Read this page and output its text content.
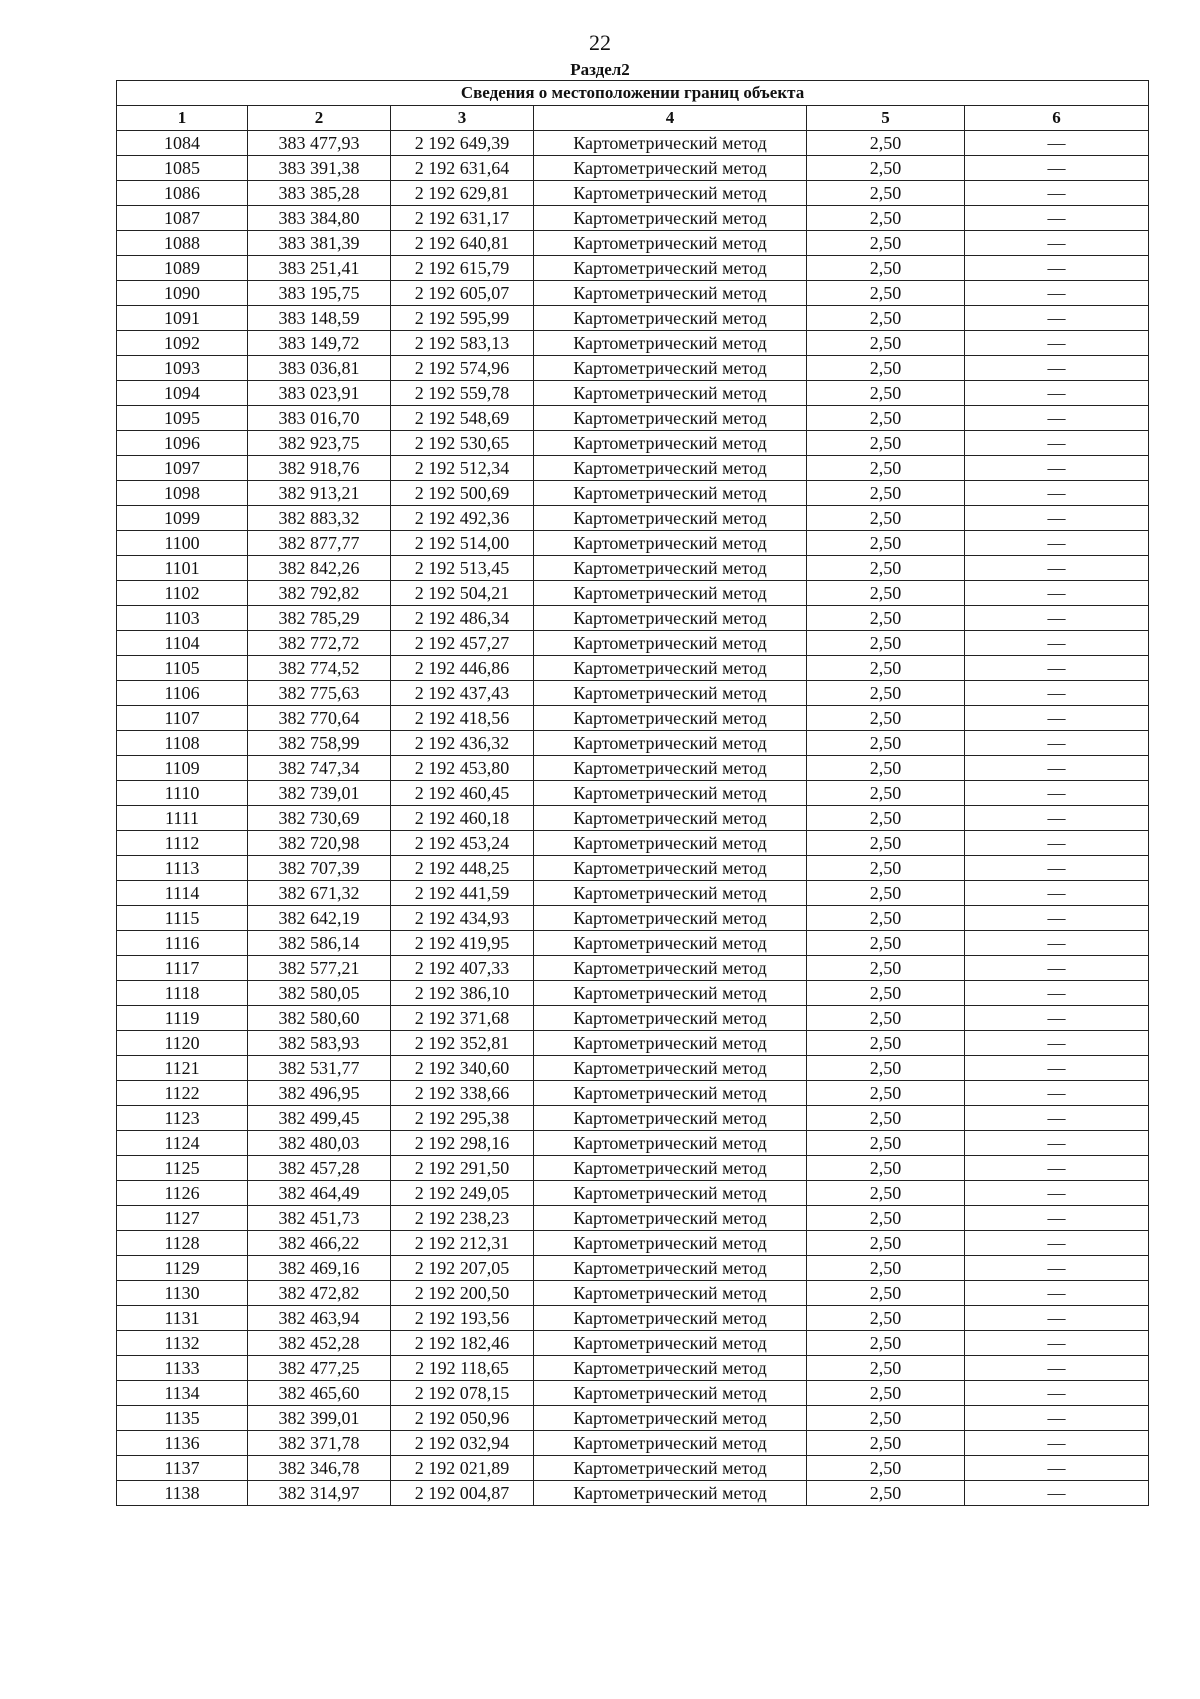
22
Раздел2
Сведения о местоположении границ объекта					
1	2	3	4	5	6
1084	383 477,93	2 192 649,39	Картометрический метод	2,50	—
1085	383 391,38	2 192 631,64	Картометрический метод	2,50	—
1086	383 385,28	2 192 629,81	Картометрический метод	2,50	—
1087	383 384,80	2 192 631,17	Картометрический метод	2,50	—
1088	383 381,39	2 192 640,81	Картометрический метод	2,50	—
1089	383 251,41	2 192 615,79	Картометрический метод	2,50	—
1090	383 195,75	2 192 605,07	Картометрический метод	2,50	—
1091	383 148,59	2 192 595,99	Картометрический метод	2,50	—
1092	383 149,72	2 192 583,13	Картометрический метод	2,50	—
1093	383 036,81	2 192 574,96	Картометрический метод	2,50	—
1094	383 023,91	2 192 559,78	Картометрический метод	2,50	—
1095	383 016,70	2 192 548,69	Картометрический метод	2,50	—
1096	382 923,75	2 192 530,65	Картометрический метод	2,50	—
1097	382 918,76	2 192 512,34	Картометрический метод	2,50	—
1098	382 913,21	2 192 500,69	Картометрический метод	2,50	—
1099	382 883,32	2 192 492,36	Картометрический метод	2,50	—
1100	382 877,77	2 192 514,00	Картометрический метод	2,50	—
1101	382 842,26	2 192 513,45	Картометрический метод	2,50	—
1102	382 792,82	2 192 504,21	Картометрический метод	2,50	—
1103	382 785,29	2 192 486,34	Картометрический метод	2,50	—
1104	382 772,72	2 192 457,27	Картометрический метод	2,50	—
1105	382 774,52	2 192 446,86	Картометрический метод	2,50	—
1106	382 775,63	2 192 437,43	Картометрический метод	2,50	—
1107	382 770,64	2 192 418,56	Картометрический метод	2,50	—
1108	382 758,99	2 192 436,32	Картометрический метод	2,50	—
1109	382 747,34	2 192 453,80	Картометрический метод	2,50	—
1110	382 739,01	2 192 460,45	Картометрический метод	2,50	—
1111	382 730,69	2 192 460,18	Картометрический метод	2,50	—
1112	382 720,98	2 192 453,24	Картометрический метод	2,50	—
1113	382 707,39	2 192 448,25	Картометрический метод	2,50	—
1114	382 671,32	2 192 441,59	Картометрический метод	2,50	—
1115	382 642,19	2 192 434,93	Картометрический метод	2,50	—
1116	382 586,14	2 192 419,95	Картометрический метод	2,50	—
1117	382 577,21	2 192 407,33	Картометрический метод	2,50	—
1118	382 580,05	2 192 386,10	Картометрический метод	2,50	—
1119	382 580,60	2 192 371,68	Картометрический метод	2,50	—
1120	382 583,93	2 192 352,81	Картометрический метод	2,50	—
1121	382 531,77	2 192 340,60	Картометрический метод	2,50	—
1122	382 496,95	2 192 338,66	Картометрический метод	2,50	—
1123	382 499,45	2 192 295,38	Картометрический метод	2,50	—
1124	382 480,03	2 192 298,16	Картометрический метод	2,50	—
1125	382 457,28	2 192 291,50	Картометрический метод	2,50	—
1126	382 464,49	2 192 249,05	Картометрический метод	2,50	—
1127	382 451,73	2 192 238,23	Картометрический метод	2,50	—
1128	382 466,22	2 192 212,31	Картометрический метод	2,50	—
1129	382 469,16	2 192 207,05	Картометрический метод	2,50	—
1130	382 472,82	2 192 200,50	Картометрический метод	2,50	—
1131	382 463,94	2 192 193,56	Картометрический метод	2,50	—
1132	382 452,28	2 192 182,46	Картометрический метод	2,50	—
1133	382 477,25	2 192 118,65	Картометрический метод	2,50	—
1134	382 465,60	2 192 078,15	Картометрический метод	2,50	—
1135	382 399,01	2 192 050,96	Картометрический метод	2,50	—
1136	382 371,78	2 192 032,94	Картометрический метод	2,50	—
1137	382 346,78	2 192 021,89	Картометрический метод	2,50	—
1138	382 314,97	2 192 004,87	Картометрический метод	2,50	—
